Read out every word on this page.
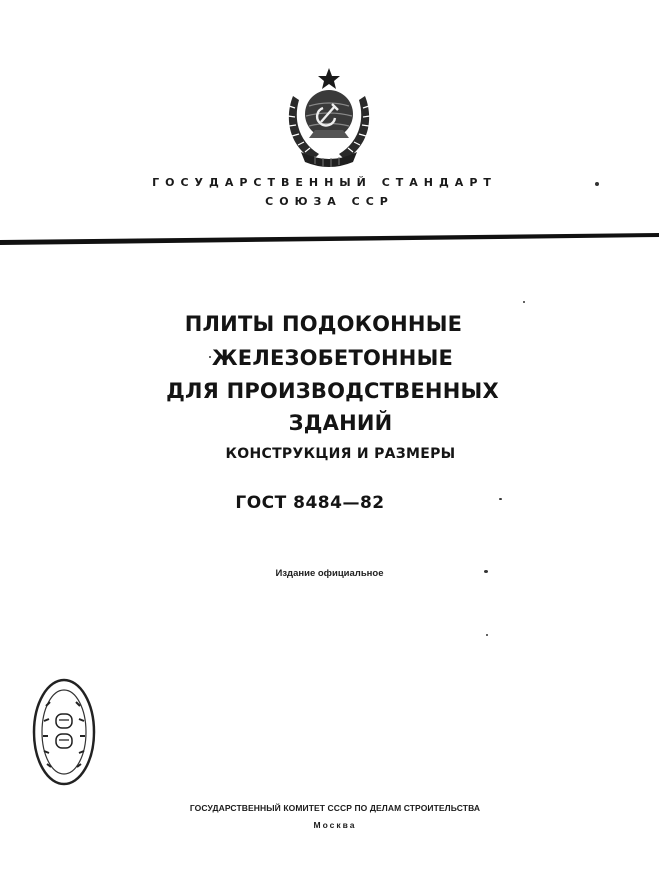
ГОСУДАРСТВЕННЫЙ СТАНДАРТ
СОЮЗА ССР
ПЛИТЫ ПОДОКОННЫЕ
ЖЕЛЕЗОБЕТОННЫЕ
ДЛЯ ПРОИЗВОДСТВЕННЫХ
ЗДАНИЙ
КОНСТРУКЦИЯ И РАЗМЕРЫ
ГОСТ 8484—82
Издание официальное
ГОСУДАРСТВЕННЫЙ КОМИТЕТ СССР ПО ДЕЛАМ СТРОИТЕЛЬСТВА
Москва
